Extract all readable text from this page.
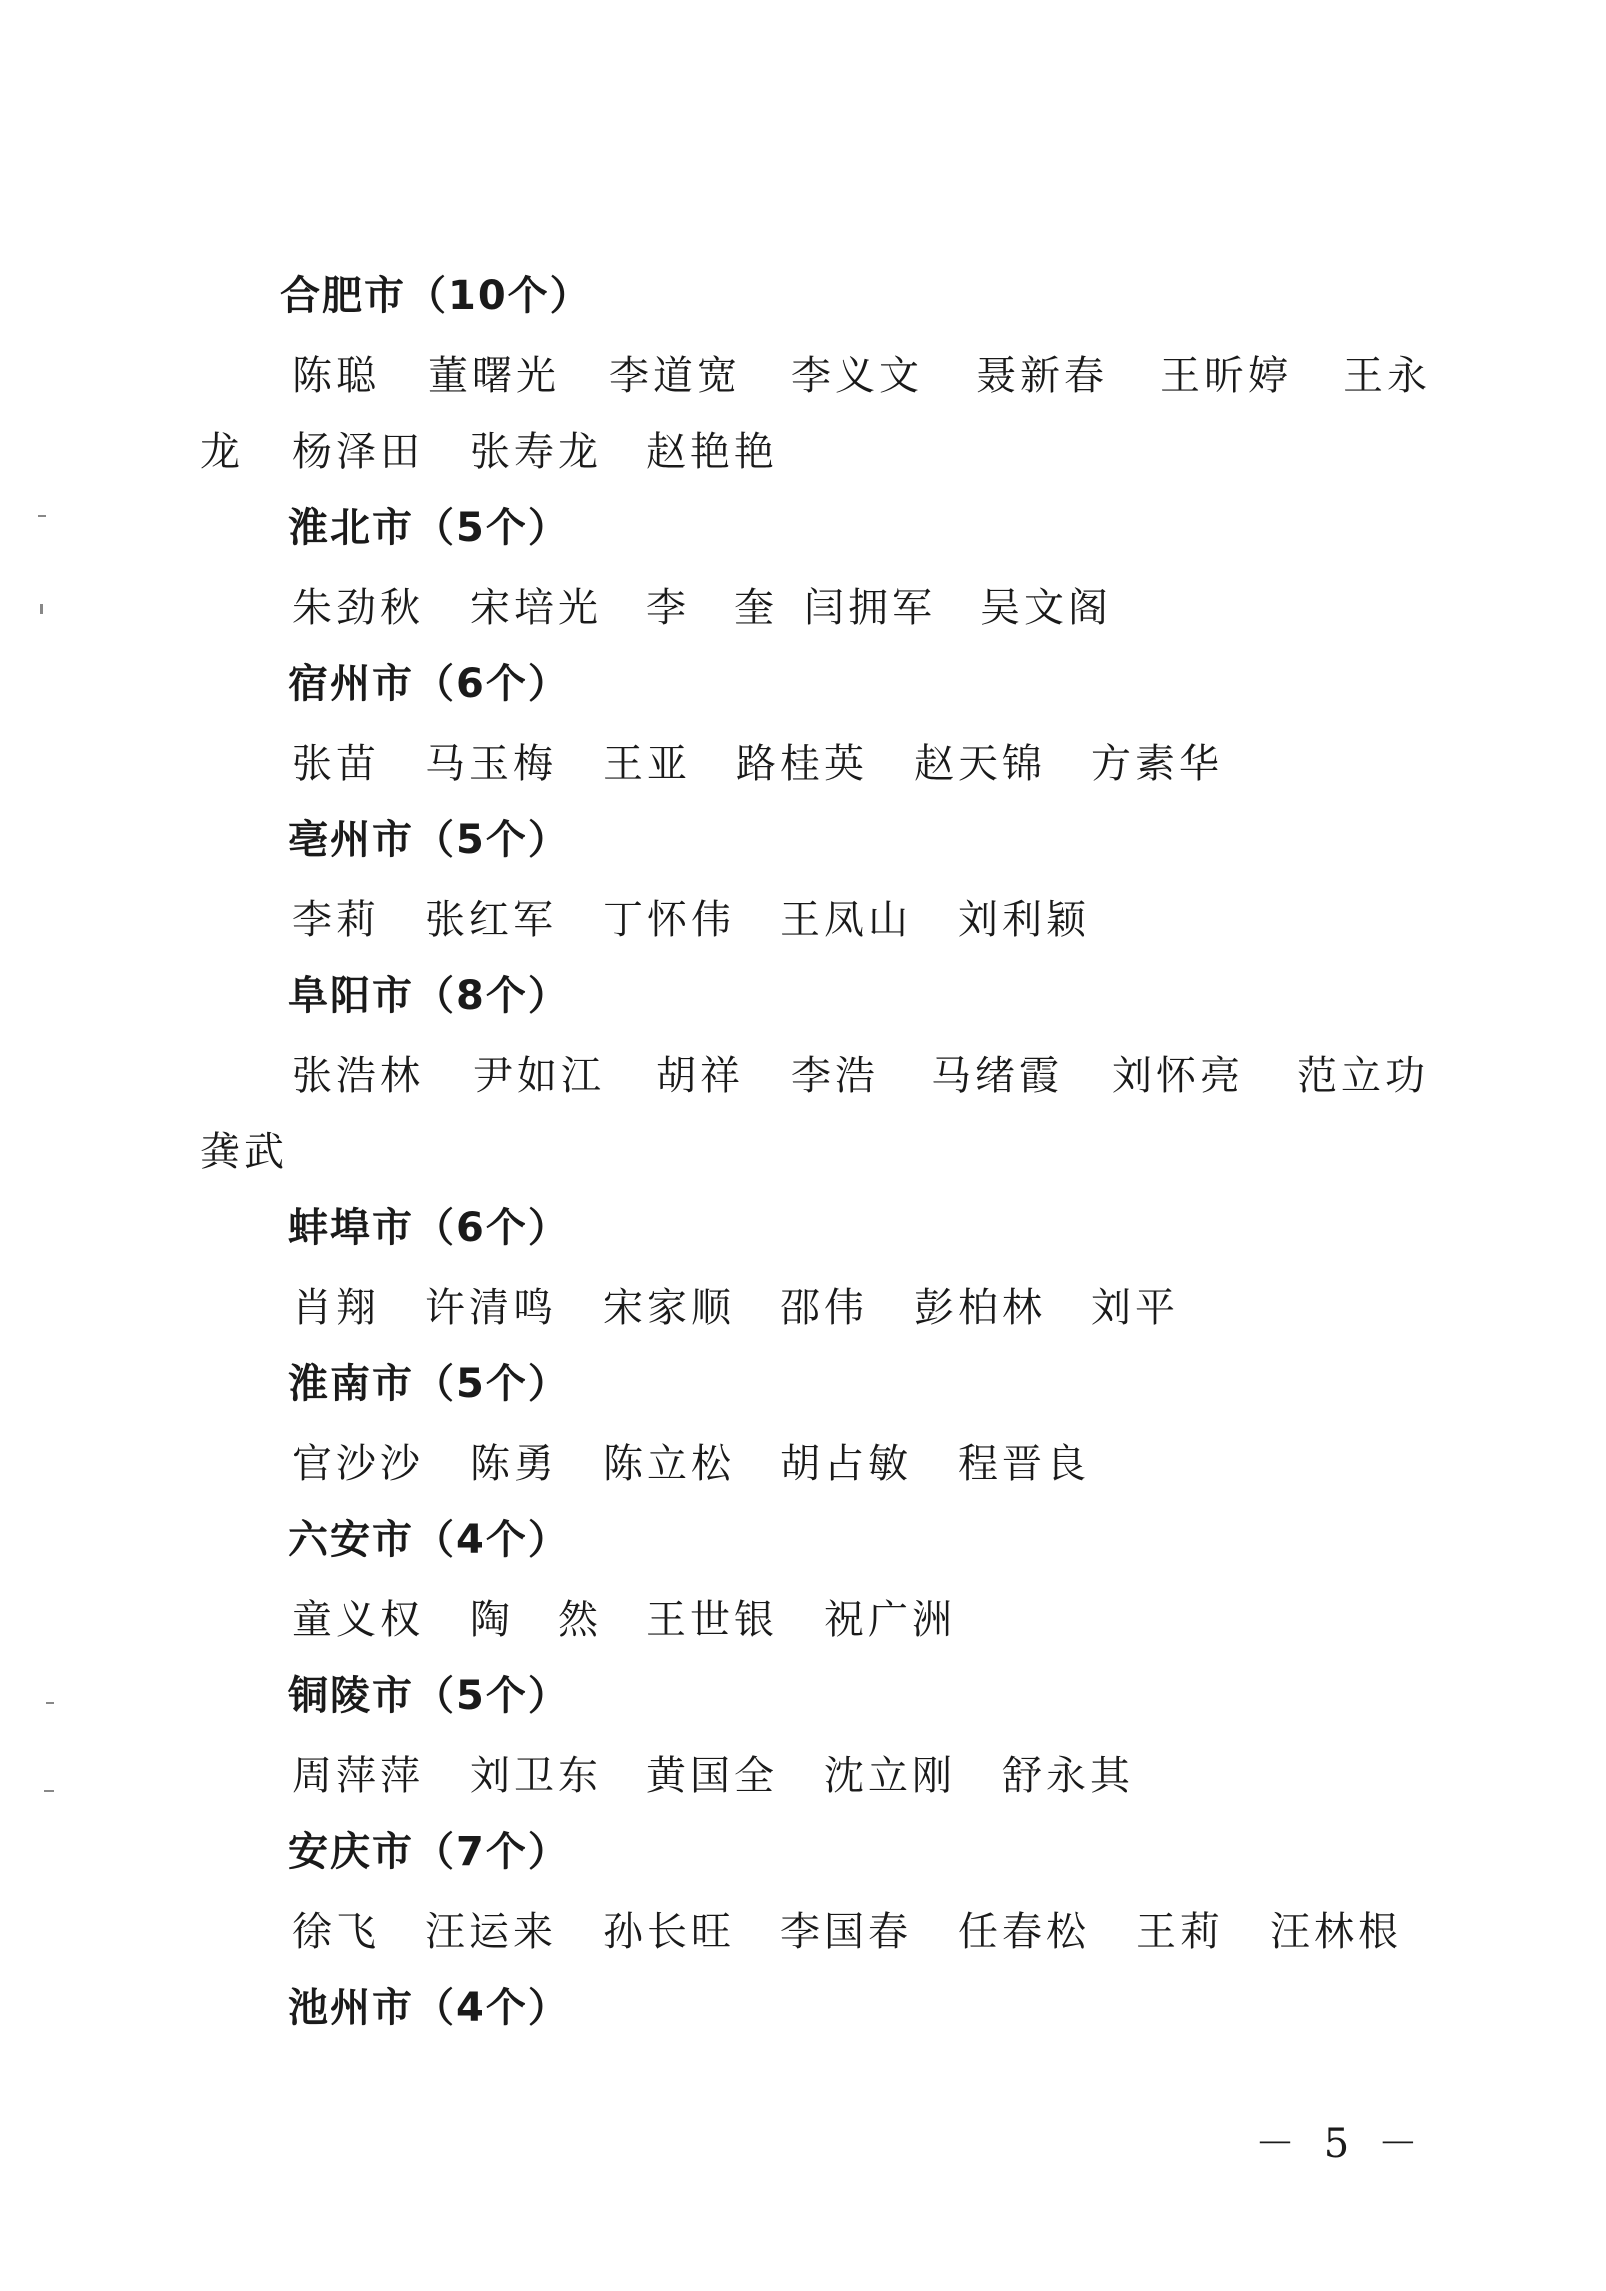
合肥市（10个）
淮北市（5个）
宿州市（6个）
亳州市（5个）
阜阳市（8个）
蚌埠市（6个）
淮南市（5个）
六安市（4个）
铜陵市（5个）
安庆市（7个）
池州市（4个）
陈聪 董曙光 李道宽 李义文 聂新春 王昕婷 王永
龙 杨泽田 张寿龙 赵艳艳
朱劲秋 宋培光 李　奎 闫拥军 吴文阁
张苗 马玉梅 王亚 路桂英 赵天锦 方素华
李莉 张红军 丁怀伟 王凤山 刘利颖
张浩林 尹如江 胡祥 李浩 马绪霞 刘怀亮 范立功
龚武
肖翔 许清鸣 宋家顺 邵伟 彭柏林 刘平
官沙沙 陈勇 陈立松 胡占敏 程晋良
童义权 陶　然 王世银 祝广洲
周萍萍 刘卫东 黄国全 沈立刚 舒永其
徐飞 汪运来 孙长旺 李国春 任春松 王莉 汪林根
－ 5 －
